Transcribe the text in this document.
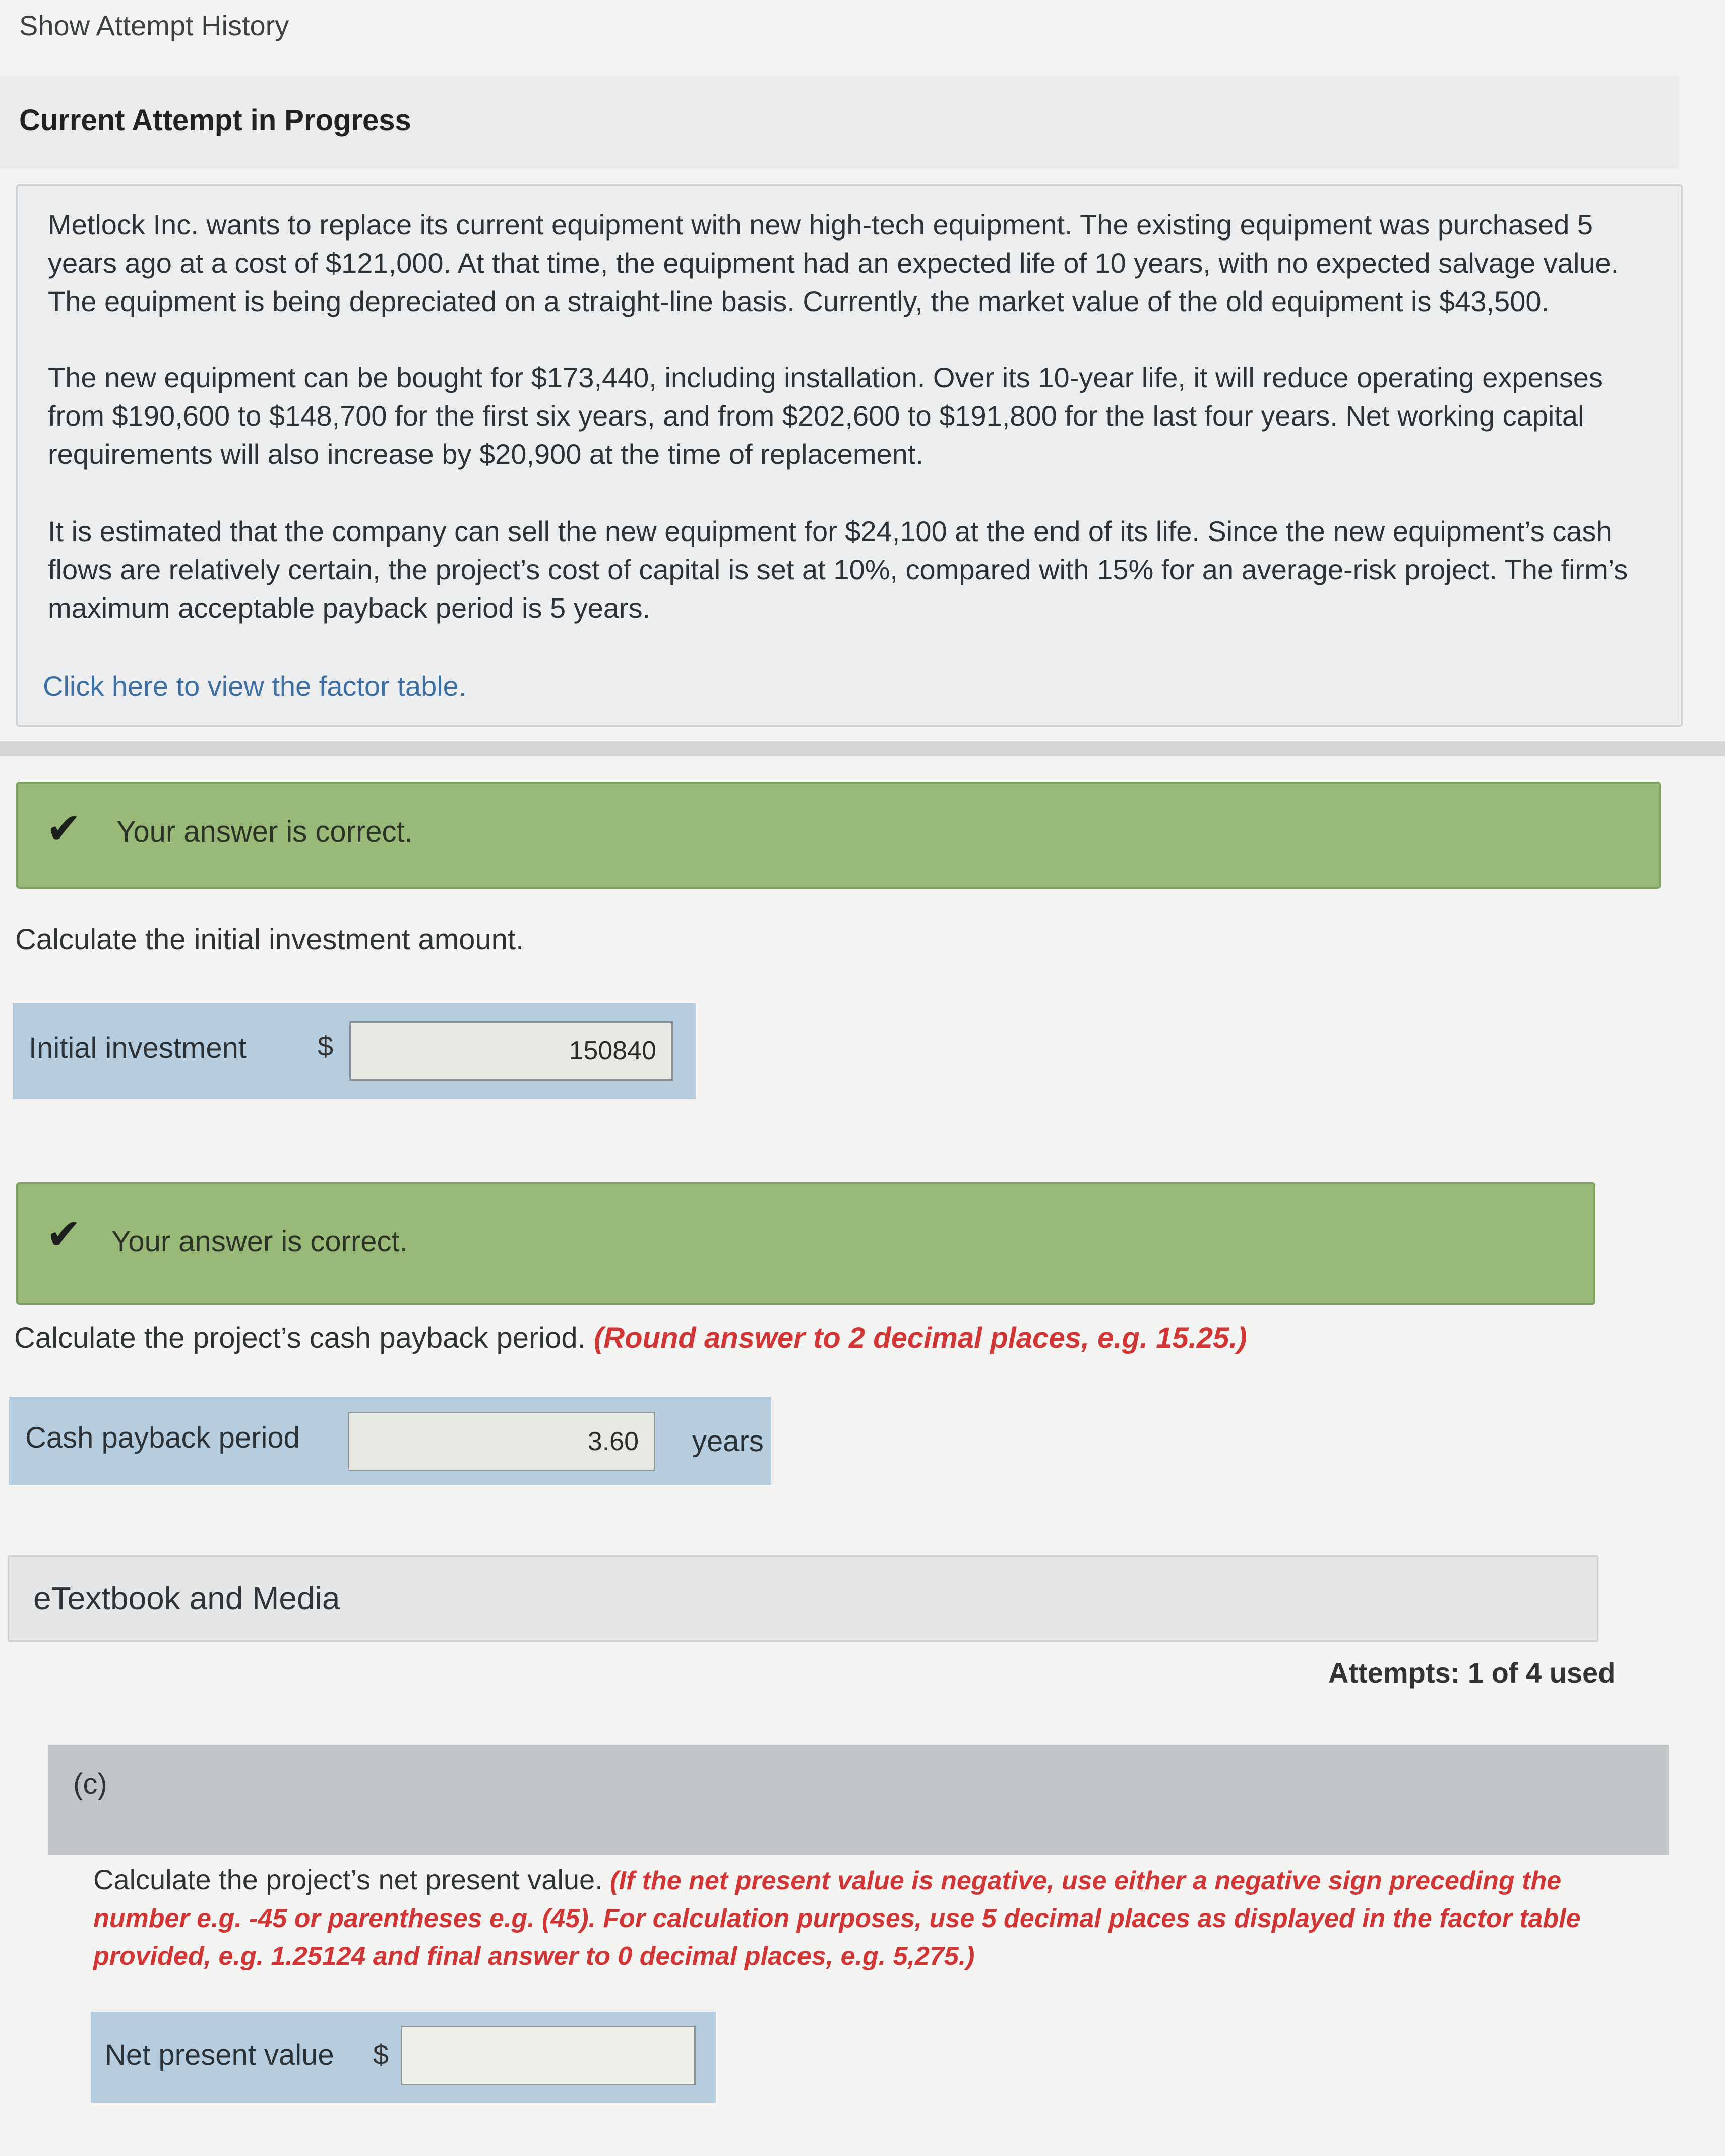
Show Attempt History
Current Attempt in Progress
Metlock Inc. wants to replace its current equipment with new high-tech equipment. The existing equipment was purchased 5 years ago at a cost of $121,000. At that time, the equipment had an expected life of 10 years, with no expected salvage value. The equipment is being depreciated on a straight-line basis. Currently, the market value of the old equipment is $43,500.
The new equipment can be bought for $173,440, including installation. Over its 10-year life, it will reduce operating expenses from $190,600 to $148,700 for the first six years, and from $202,600 to $191,800 for the last four years. Net working capital requirements will also increase by $20,900 at the time of replacement.
It is estimated that the company can sell the new equipment for $24,100 at the end of its life. Since the new equipment’s cash flows are relatively certain, the project’s cost of capital is set at 10%, compared with 15% for an average-risk project. The firm’s maximum acceptable payback period is 5 years.
Click here to view the factor table.
✔ Your answer is correct.
Calculate the initial investment amount.
Initial investment	$
150840
✔ Your answer is correct.
Calculate the project’s cash payback period. (Round answer to 2 decimal places, e.g. 15.25.)
Cash payback period
3.60	years
eTextbook and Media
Attempts: 1 of 4 used
(c)
Calculate the project’s net present value. (If the net present value is negative, use either a negative sign preceding the number e.g. -45 or parentheses e.g. (45). For calculation purposes, use 5 decimal places as displayed in the factor table provided, e.g. 1.25124 and final answer to 0 decimal places, e.g. 5,275.)
Net present value $
